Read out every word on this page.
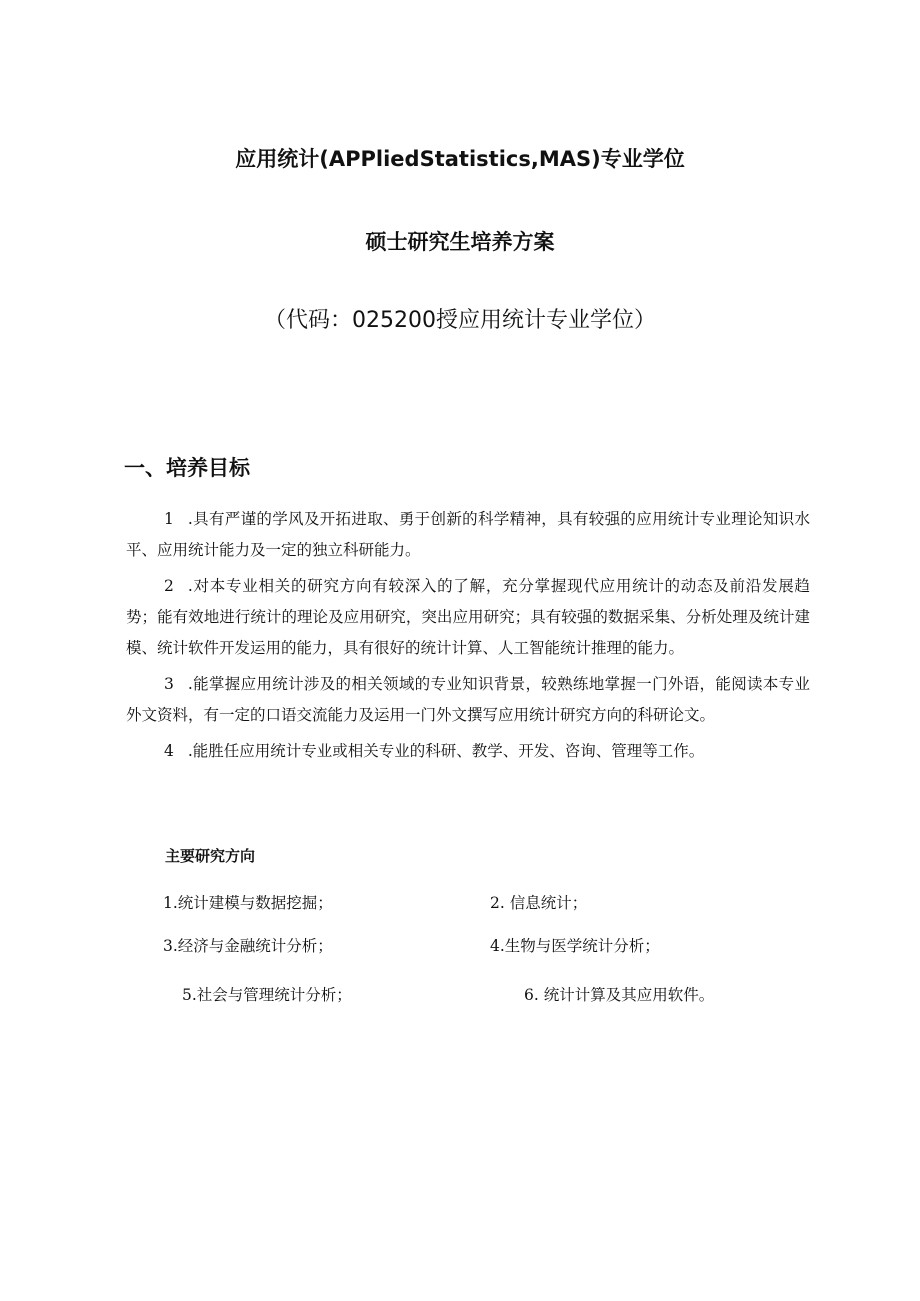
应用统计(APPliedStatistics,MAS)专业学位
硕士研究生培养方案
（代码：025200授应用统计专业学位）
一、培养目标

1 .具有严谨的学风及开拓进取、勇于创新的科学精神，具有较强的应用统计专业理论知识水平、应用统计能力及一定的独立科研能力。

2 .对本专业相关的研究方向有较深入的了解，充分掌握现代应用统计的动态及前沿发展趋势；能有效地进行统计的理论及应用研究，突出应用研究；具有较强的数据采集、分析处理及统计建模、统计软件开发运用的能力，具有很好的统计计算、人工智能统计推理的能力。

3 .能掌握应用统计涉及的相关领域的专业知识背景，较熟练地掌握一门外语，能阅读本专业外文资料，有一定的口语交流能力及运用一门外文撰写应用统计研究方向的科研论文。

4 .能胜任应用统计专业或相关专业的科研、教学、开发、咨询、管理等工作。

主要研究方向
1.统计建模与数据挖掘；	2. 信息统计；
3.经济与金融统计分析；	4.生物与医学统计分析；
5.社会与管理统计分析；	6. 统计计算及其应用软件。
